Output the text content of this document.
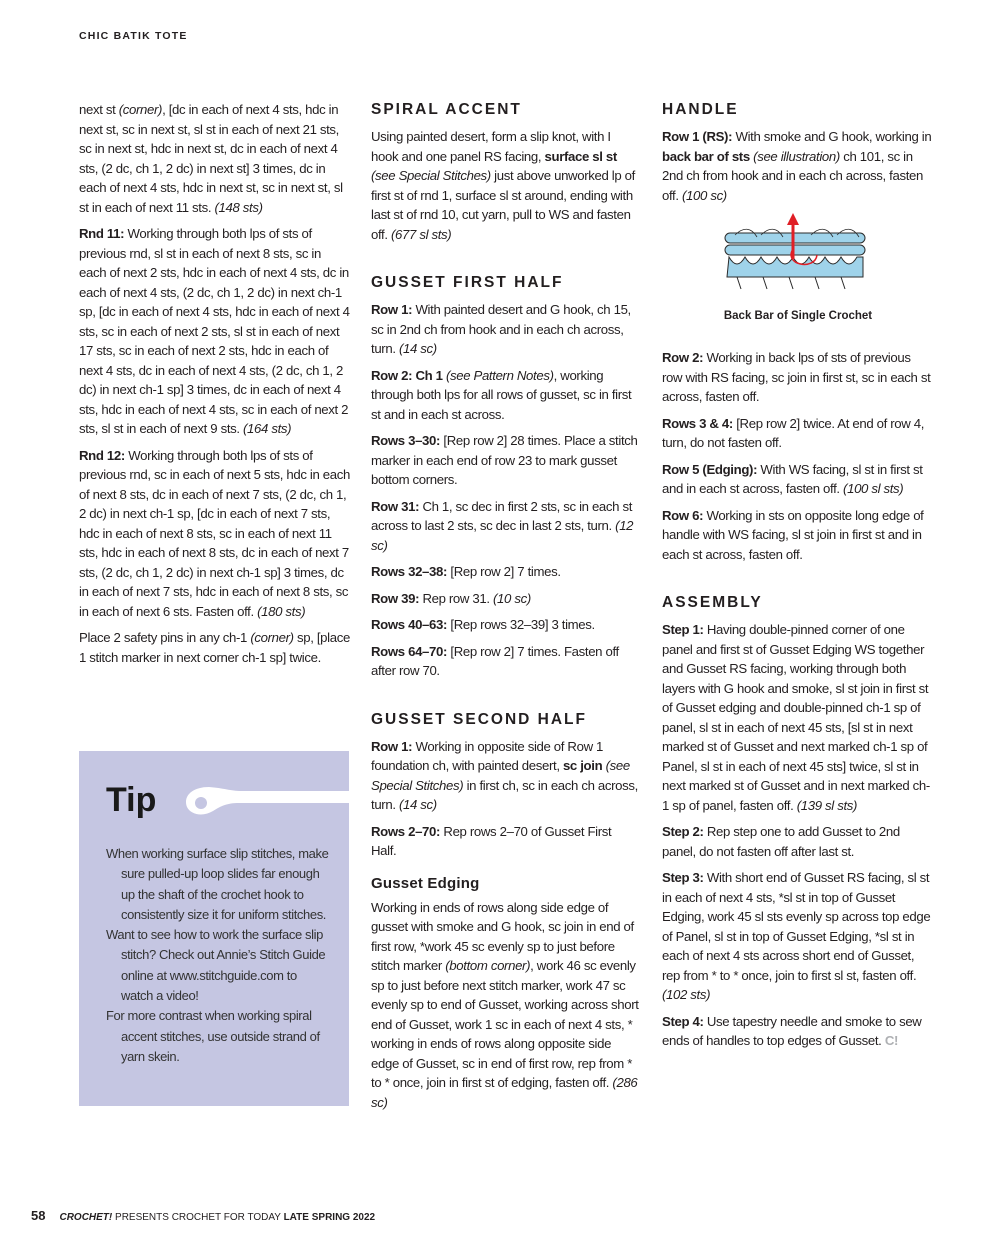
CHIC BATIK TOTE

next st (corner), [dc in each of next 4 sts, hdc in next st, sc in next st, sl st in each of next 21 sts, sc in next st, hdc in next st, dc in each of next 4 sts, (2 dc, ch 1, 2 dc) in next st] 3 times, dc in each of next 4 sts, hdc in next st, sc in next st, sl st in each of next 11 sts. (148 sts)

Rnd 11: Working through both lps of sts of previous rnd, sl st in each of next 8 sts, sc in each of next 2 sts, hdc in each of next 4 sts, dc in each of next 4 sts, (2 dc, ch 1, 2 dc) in next ch-1 sp, [dc in each of next 4 sts, hdc in each of next 4 sts, sc in each of next 2 sts, sl st in each of next 17 sts, sc in each of next 2 sts, hdc in each of next 4 sts, dc in each of next 4 sts, (2 dc, ch 1, 2 dc) in next ch-1 sp] 3 times, dc in each of next 4 sts, hdc in each of next 4 sts, sc in each of next 2 sts, sl st in each of next 9 sts. (164 sts)

Rnd 12: Working through both lps of sts of previous rnd, sc in each of next 5 sts, hdc in each of next 8 sts, dc in each of next 7 sts, (2 dc, ch 1, 2 dc) in next ch-1 sp, [dc in each of next 7 sts, hdc in each of next 8 sts, sc in each of next 11 sts, hdc in each of next 8 sts, dc in each of next 7 sts, (2 dc, ch 1, 2 dc) in next ch-1 sp] 3 times, dc in each of next 7 sts, hdc in each of next 8 sts, sc in each of next 6 sts. Fasten off. (180 sts)

Place 2 safety pins in any ch-1 (corner) sp, [place 1 stitch marker in next corner ch-1 sp] twice.

Tip

When working surface slip stitches, make sure pulled-up loop slides far enough up the shaft of the crochet hook to consistently size it for uniform stitches.

Want to see how to work the surface slip stitch? Check out Annie’s Stitch Guide online at www.stitchguide.com to watch a video!

For more contrast when working spiral accent stitches, use outside strand of yarn skein.

SPIRAL ACCENT

Using painted desert, form a slip knot, with I hook and one panel RS facing, surface sl st (see Special Stitches) just above unworked lp of first st of rnd 1, surface sl st around, ending with last st of rnd 10, cut yarn, pull to WS and fasten off. (677 sl sts)

GUSSET FIRST HALF

Row 1: With painted desert and G hook, ch 15, sc in 2nd ch from hook and in each ch across, turn. (14 sc)

Row 2: Ch 1 (see Pattern Notes), working through both lps for all rows of gusset, sc in first st and in each st across.

Rows 3–30: [Rep row 2] 28 times. Place a stitch marker in each end of row 23 to mark gusset bottom corners.

Row 31: Ch 1, sc dec in first 2 sts, sc in each st across to last 2 sts, sc dec in last 2 sts, turn. (12 sc)

Rows 32–38: [Rep row 2] 7 times.

Row 39: Rep row 31. (10 sc)

Rows 40–63: [Rep rows 32–39] 3 times.

Rows 64–70: [Rep row 2] 7 times. Fasten off after row 70.

GUSSET SECOND HALF

Row 1: Working in opposite side of Row 1 foundation ch, with painted desert, sc join (see Special Stitches) in first ch, sc in each ch across, turn. (14 sc)

Rows 2–70: Rep rows 2–70 of Gusset First Half.

Gusset Edging

Working in ends of rows along side edge of gusset with smoke and G hook, sc join in end of first row, *work 45 sc evenly sp to just before stitch marker (bottom corner), work 46 sc evenly sp to just before next stitch marker, work 47 sc evenly sp to end of Gusset, working across short end of Gusset, work 1 sc in each of next 4 sts, * working in ends of rows along opposite side edge of Gusset, sc in end of first row, rep from * to * once, join in first st of edging, fasten off. (286 sc)

HANDLE

Row 1 (RS): With smoke and G hook, working in back bar of sts (see illustration) ch 101, sc in 2nd ch from hook and in each ch across, fasten off. (100 sc)

Back Bar of Single Crochet

Row 2: Working in back lps of sts of previous row with RS facing, sc join in first st, sc in each st across, fasten off.

Rows 3 & 4: [Rep row 2] twice. At end of row 4, turn, do not fasten off.

Row 5 (Edging): With WS facing, sl st in first st and in each st across, fasten off. (100 sl sts)

Row 6: Working in sts on opposite long edge of handle with WS facing, sl st join in first st and in each st across, fasten off.

ASSEMBLY

Step 1: Having double-pinned corner of one panel and first st of Gusset Edging WS together and Gusset RS facing, working through both layers with G hook and smoke, sl st join in first st of Gusset edging and double-pinned ch-1 sp of panel, sl st in each of next 45 sts, [sl st in next marked st of Gusset and next marked ch-1 sp of Panel, sl st in each of next 45 sts] twice, sl st in next marked st of Gusset and in next marked ch-1 sp of panel, fasten off. (139 sl sts)

Step 2: Rep step one to add Gusset to 2nd panel, do not fasten off after last st.

Step 3: With short end of Gusset RS facing, sl st in each of next 4 sts, *sl st in top of Gusset Edging, work 45 sl sts evenly sp across top edge of Panel, sl st in top of Gusset Edging, *sl st in each of next 4 sts across short end of Gusset, rep from * to * once, join to first sl st, fasten off. (102 sts)

Step 4: Use tapestry needle and smoke to sew ends of handles to top edges of Gusset. C!

58 CROCHET! PRESENTS CROCHET FOR TODAY LATE SPRING 2022
